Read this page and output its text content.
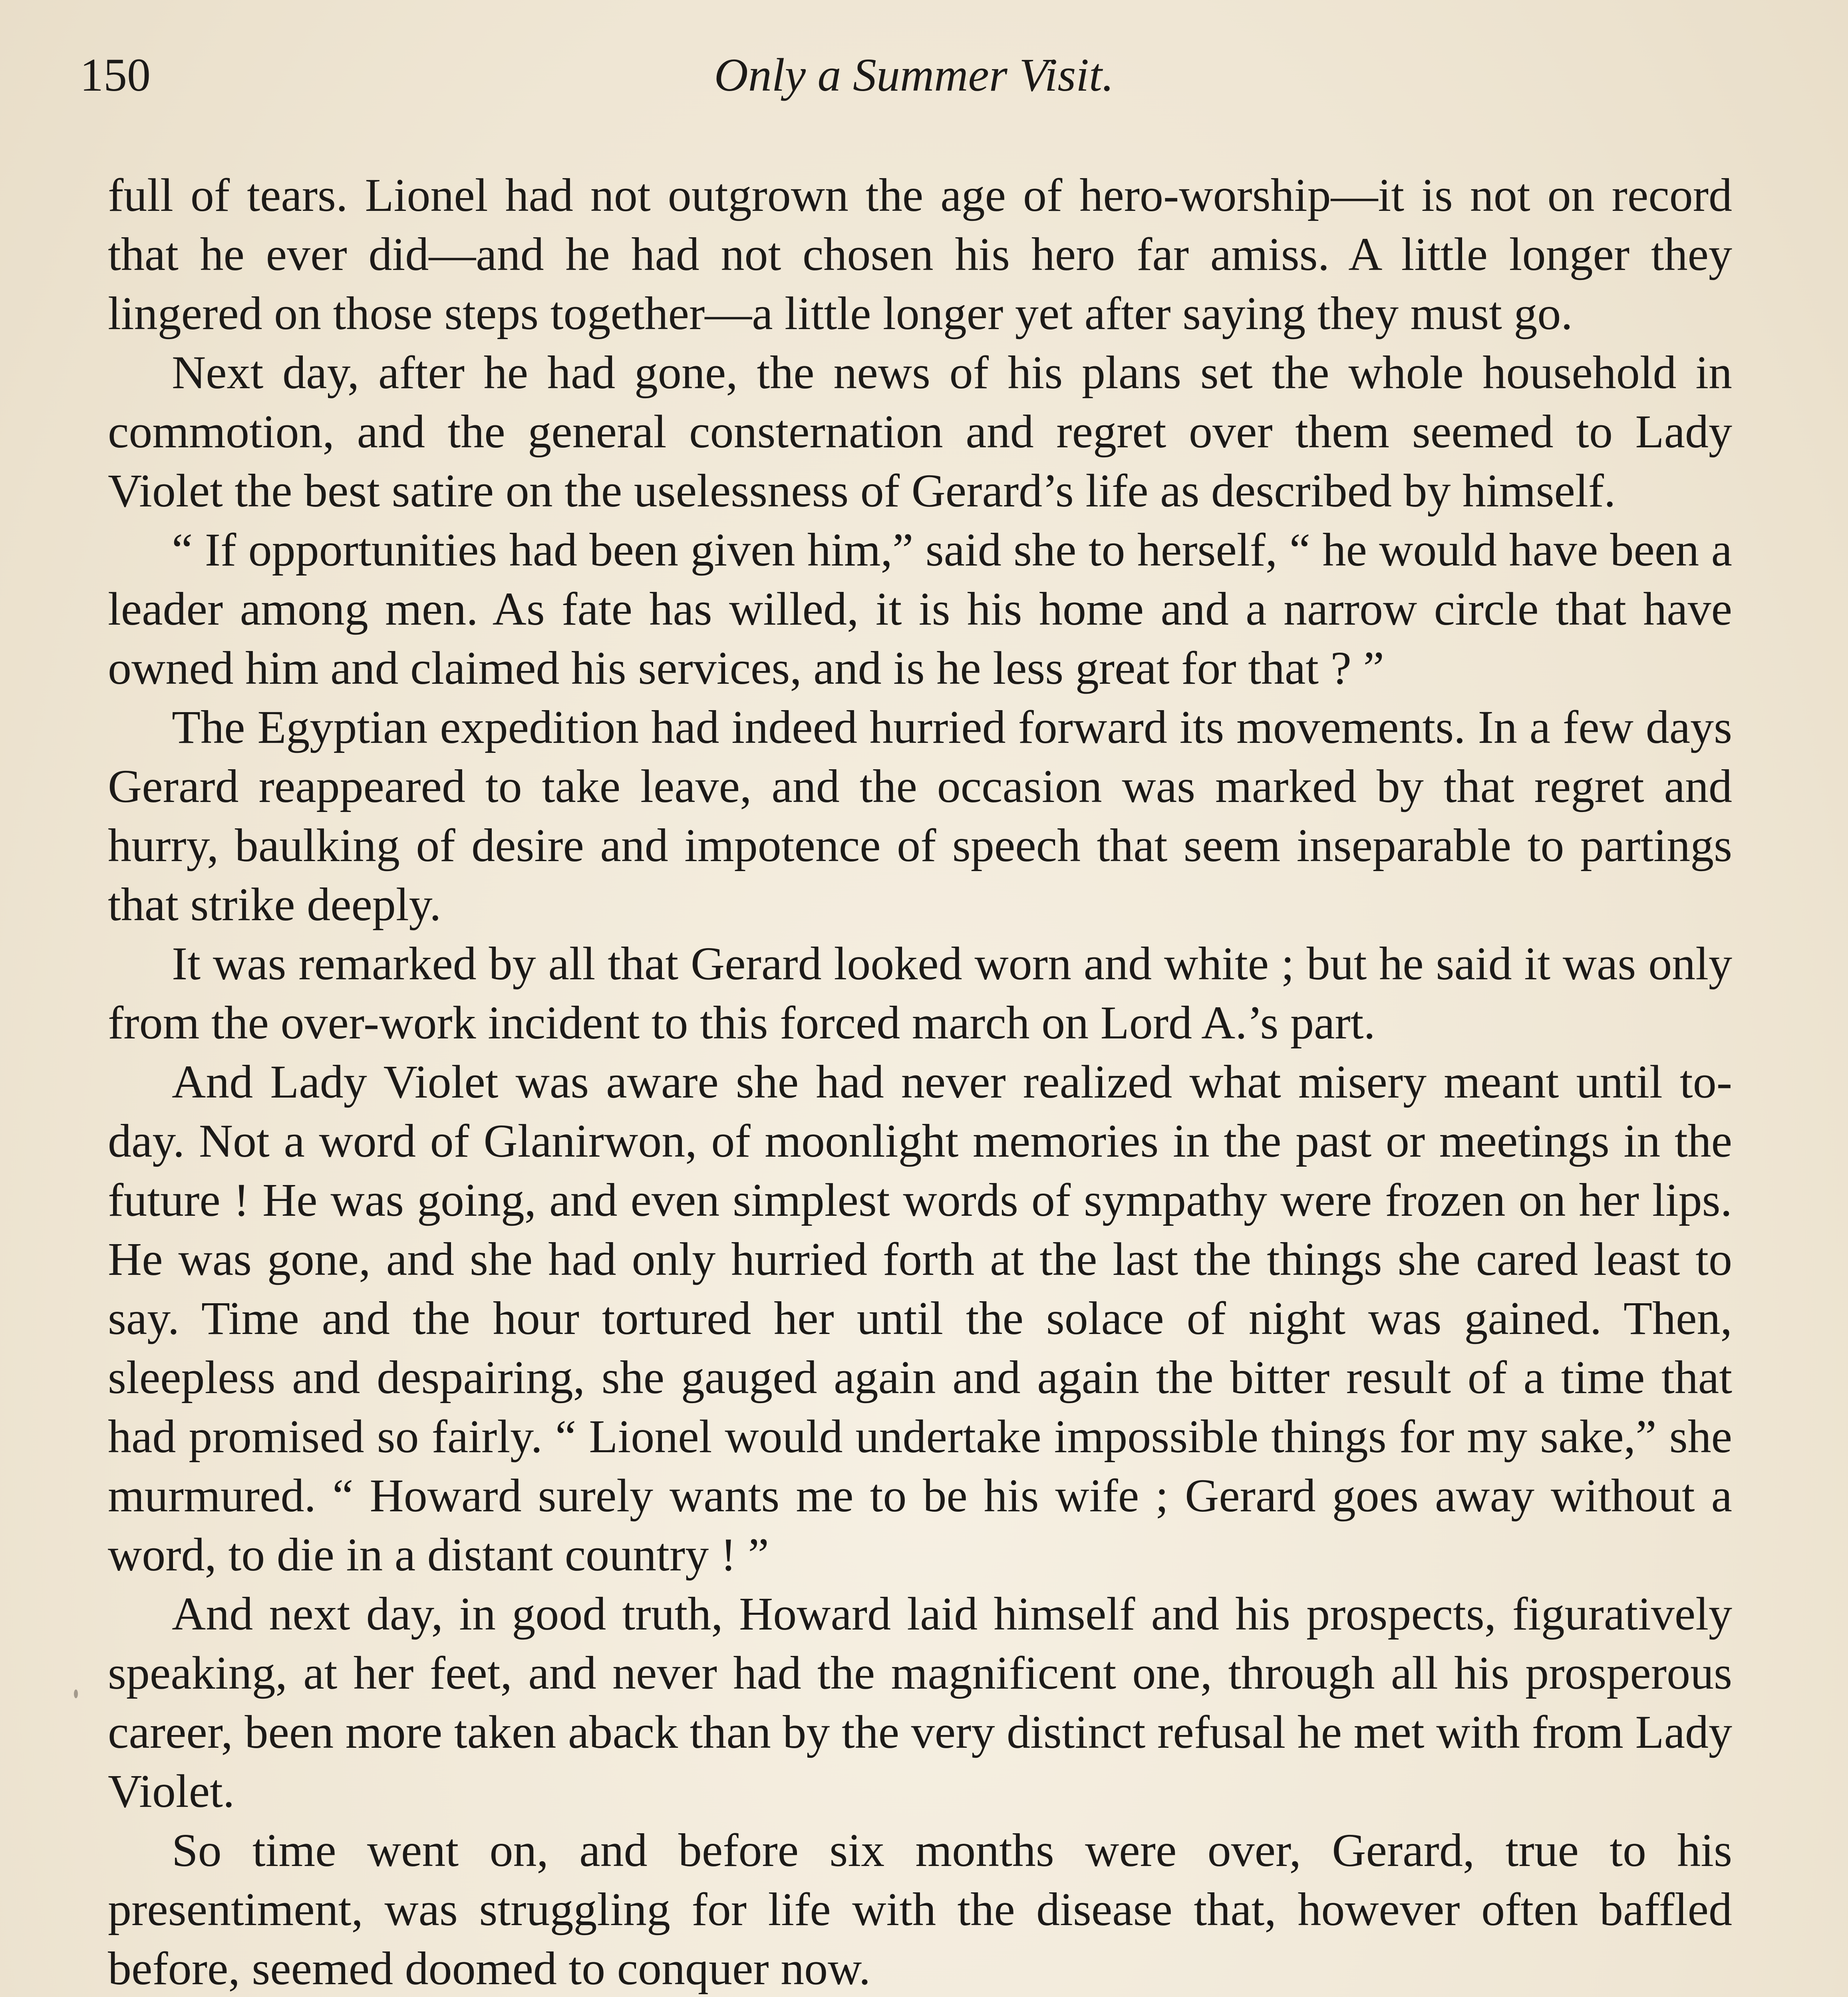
150	Only a Summer Visit.

full of tears. Lionel had not outgrown the age of hero-worship—it is not on record that he ever did—and he had not chosen his hero far amiss. A little longer they lingered on those steps together—a little longer yet after saying they must go.

Next day, after he had gone, the news of his plans set the whole household in commotion, and the general consternation and regret over them seemed to Lady Violet the best satire on the uselessness of Gerard’s life as described by himself.

“ If opportunities had been given him,” said she to herself, “ he would have been a leader among men. As fate has willed, it is his home and a narrow circle that have owned him and claimed his services, and is he less great for that ? ”

The Egyptian expedition had indeed hurried forward its movements. In a few days Gerard reappeared to take leave, and the occasion was marked by that regret and hurry, baulking of desire and impotence of speech that seem inseparable to partings that strike deeply.

It was remarked by all that Gerard looked worn and white ; but he said it was only from the over-work incident to this forced march on Lord A.’s part.

And Lady Violet was aware she had never realized what misery meant until to-day. Not a word of Glanirwon, of moonlight memories in the past or meetings in the future ! He was going, and even simplest words of sympathy were frozen on her lips. He was gone, and she had only hurried forth at the last the things she cared least to say. Time and the hour tortured her until the solace of night was gained. Then, sleepless and despairing, she gauged again and again the bitter result of a time that had promised so fairly. “ Lionel would undertake impossible things for my sake,” she murmured. “ Howard surely wants me to be his wife ; Gerard goes away without a word, to die in a distant country ! ”

And next day, in good truth, Howard laid himself and his prospects, figuratively speaking, at her feet, and never had the magnificent one, through all his prosperous career, been more taken aback than by the very distinct refusal he met with from Lady Violet.

So time went on, and before six months were over, Gerard, true to his presentiment, was struggling for life with the disease that, however often baffled before, seemed doomed to conquer now.
